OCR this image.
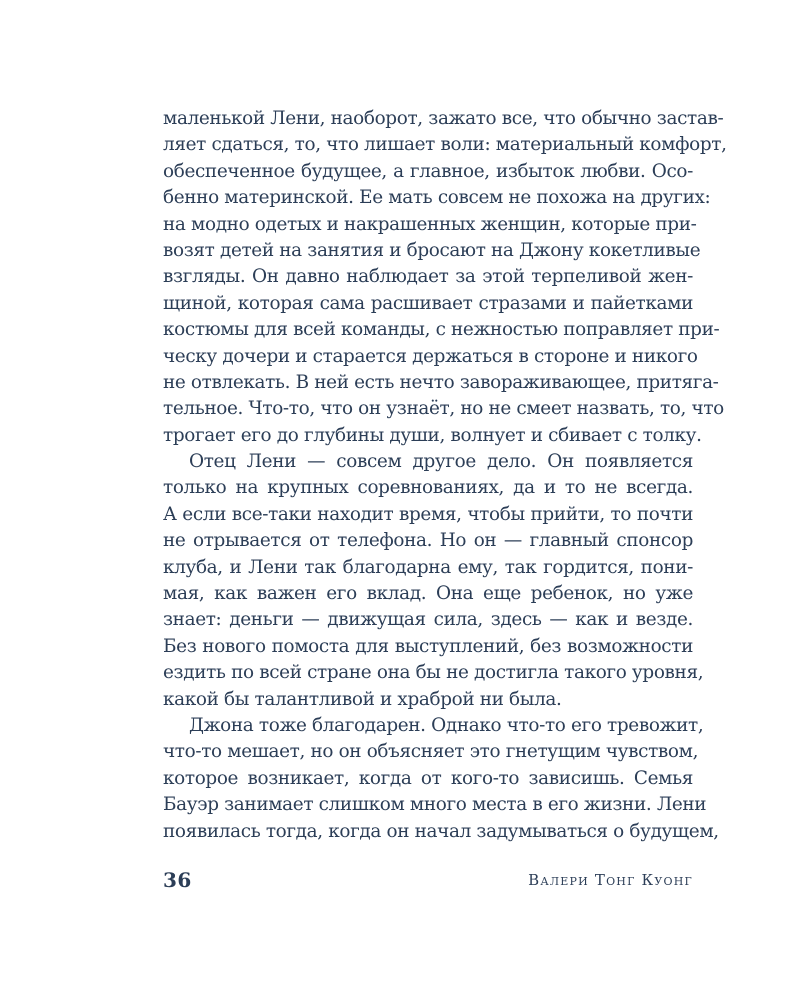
маленькой Лени, наоборот, зажато все, что обычно застав-
ляет сдаться, то, что лишает воли: материальный комфорт,
обеспеченное будущее, а главное, избыток любви. Осо-
бенно материнской. Ее мать совсем не похожа на других:
на модно одетых и накрашенных женщин, которые при-
возят детей на занятия и бросают на Джону кокетливые
взгляды. Он давно наблюдает за этой терпеливой жен-
щиной, которая сама расшивает стразами и пайетками
костюмы для всей команды, с нежностью поправляет при-
ческу дочери и старается держаться в стороне и никого
не отвлекать. В ней есть нечто завораживающее, притяга-
тельное. Что-то, что он узнаёт, но не смеет назвать, то, что
трогает его до глубины души, волнует и сбивает с толку.
Отец Лени — совсем другое дело. Он появляется
только на крупных соревнованиях, да и то не всегда.
А если все-таки находит время, чтобы прийти, то почти
не отрывается от телефона. Но он — главный спонсор
клуба, и Лени так благодарна ему, так гордится, пони-
мая, как важен его вклад. Она еще ребенок, но уже
знает: деньги — движущая сила, здесь — как и везде.
Без нового помоста для выступлений, без возможности
ездить по всей стране она бы не достигла такого уровня,
какой бы талантливой и храброй ни была.
Джона тоже благодарен. Однако что-то его тревожит,
что-то мешает, но он объясняет это гнетущим чувством,
которое возникает, когда от кого-то зависишь. Семья
Бауэр занимает слишком много места в его жизни. Лени
появилась тогда, когда он начал задумываться о будущем,
36	Валери Тонг Куонг
